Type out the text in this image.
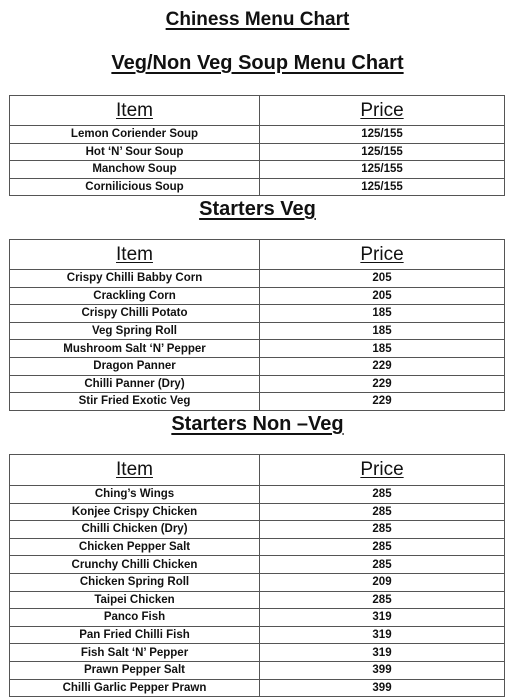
Chiness Menu Chart
Veg/Non Veg Soup Menu Chart
Item	Price
Lemon Coriender Soup	125/155
Hot ‘N’ Sour Soup	125/155
Manchow Soup	125/155
Cornilicious Soup	125/155
Starters Veg
Item	Price
Crispy Chilli Babby Corn	205
Crackling Corn	205
Crispy Chilli Potato	185
Veg Spring Roll	185
Mushroom Salt ‘N’ Pepper	185
Dragon Panner	229
Chilli Panner (Dry)	229
Stir Fried Exotic Veg	229
Starters Non –Veg
Item	Price
Ching’s Wings	285
Konjee Crispy Chicken	285
Chilli Chicken (Dry)	285
Chicken Pepper Salt	285
Crunchy Chilli Chicken	285
Chicken Spring Roll	209
Taipei Chicken	285
Panco Fish	319
Pan Fried Chilli Fish	319
Fish Salt ‘N’ Pepper	319
Prawn Pepper Salt	399
Chilli Garlic Pepper Prawn	399
